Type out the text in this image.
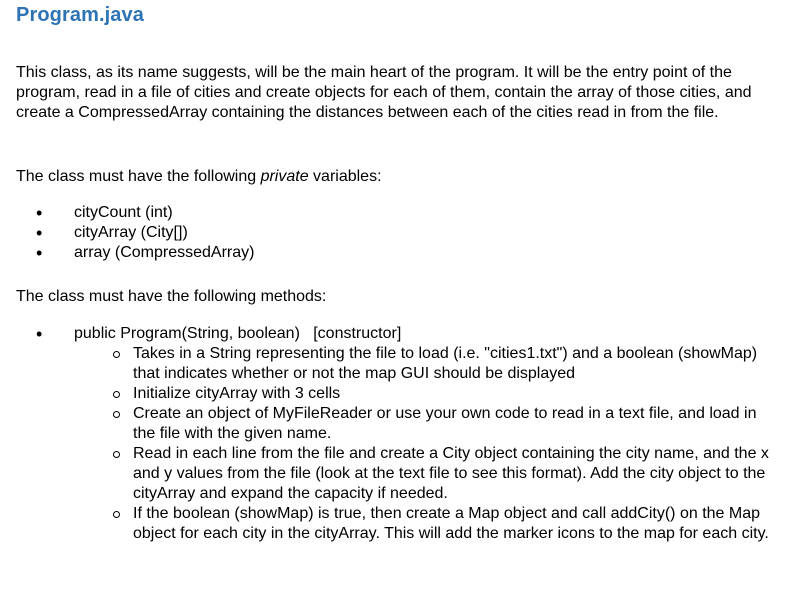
Program.java

This class, as its name suggests, will be the main heart of the program. It will be the entry point of the program, read in a file of cities and create objects for each of them, contain the array of those cities, and create a CompressedArray containing the distances between each of the cities read in from the file.

The class must have the following private variables:

• cityCount (int)
• cityArray (City[])
• array (CompressedArray)

The class must have the following methods:

• public Program(String, boolean)   [constructor]
Takes in a String representing the file to load (i.e. "cities1.txt") and a boolean (showMap) that indicates whether or not the map GUI should be displayed
Initialize cityArray with 3 cells
Create an object of MyFileReader or use your own code to read in a text file, and load in the file with the given name.
Read in each line from the file and create a City object containing the city name, and the x and y values from the file (look at the text file to see this format). Add the city object to the cityArray and expand the capacity if needed.
If the boolean (showMap) is true, then create a Map object and call addCity() on the Map object for each city in the cityArray. This will add the marker icons to the map for each city.
